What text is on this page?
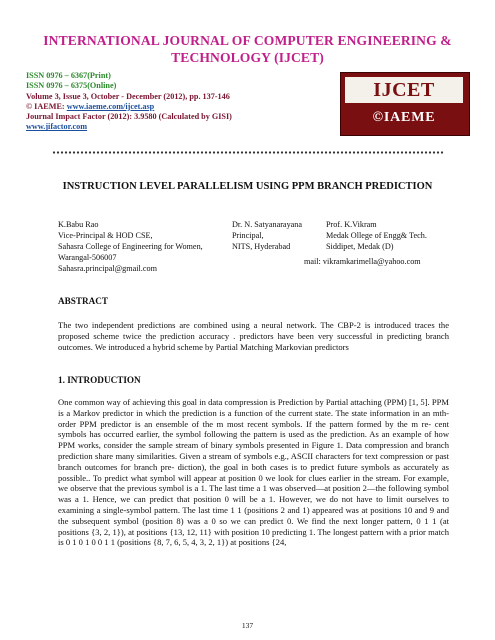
INTERNATIONAL JOURNAL OF COMPUTER ENGINEERING & TECHNOLOGY (IJCET)
ISSN 0976 – 6367(Print)
ISSN 0976 – 6375(Online)
Volume 3, Issue 3, October - December (2012), pp. 137-146
© IAEME: www.iaeme.com/ijcet.asp
Journal Impact Factor (2012): 3.9580 (Calculated by GISI)
www.jifactor.com
IJCET
©IAEME
INSTRUCTION LEVEL PARALLELISM USING PPM BRANCH PREDICTION
K.Babu Rao
Vice-Principal & HOD CSE,
Sahasra College of Engineering for Women,
Warangal-506007
Sahasra.principal@gmail.com
Dr. N. Satyanarayana
Principal,
NITS, Hyderabad
Prof. K.Vikram
Medak Ollege of Engg& Tech.
Siddipet, Medak (D)
mail: vikramkarimella@yahoo.com
ABSTRACT
The two independent predictions are combined using a neural network. The CBP-2 is introduced traces the proposed scheme twice the prediction accuracy . predictors have been very successful in predicting branch outcomes. We introduced a hybrid scheme by Partial Matching Markovian predictors
1. INTRODUCTION
One common way of achieving this goal in data compression is Prediction by Partial attaching (PPM) [1, 5]. PPM is a Markov predictor in which the prediction is a function of the current state. The state information in an mth-order PPM predictor is an ensemble of the m most recent symbols. If the pattern formed by the m re- cent symbols has occurred earlier, the symbol following the pattern is used as the prediction. As an example of how PPM works, consider the sample stream of binary symbols presented in Figure 1. Data compression and branch prediction share many similarities. Given a stream of symbols e.g., ASCII characters for text compression or past branch outcomes for branch pre- diction), the goal in both cases is to predict future symbols as accurately as possible.. To predict what symbol will appear at position 0 we look for clues earlier in the stream. For example, we observe that the previous symbol is a 1. The last time a 1 was observed—at position 2—the following symbol was a 1. Hence, we can predict that position 0 will be a 1. However, we do not have to limit ourselves to examining a single-symbol pattern. The last time 1 1 (positions 2 and 1) appeared was at positions 10 and 9 and the subsequent symbol (position 8) was a 0 so we can predict 0. We find the next longer pattern, 0 1 1 (at positions {3, 2, 1}), at positions {13, 12, 11} with position 10 predicting 1. The longest pattern with a prior match is 0 1 0 1 0 0 1 1 (positions {8, 7, 6, 5, 4, 3, 2, 1}) at positions {24,
137
